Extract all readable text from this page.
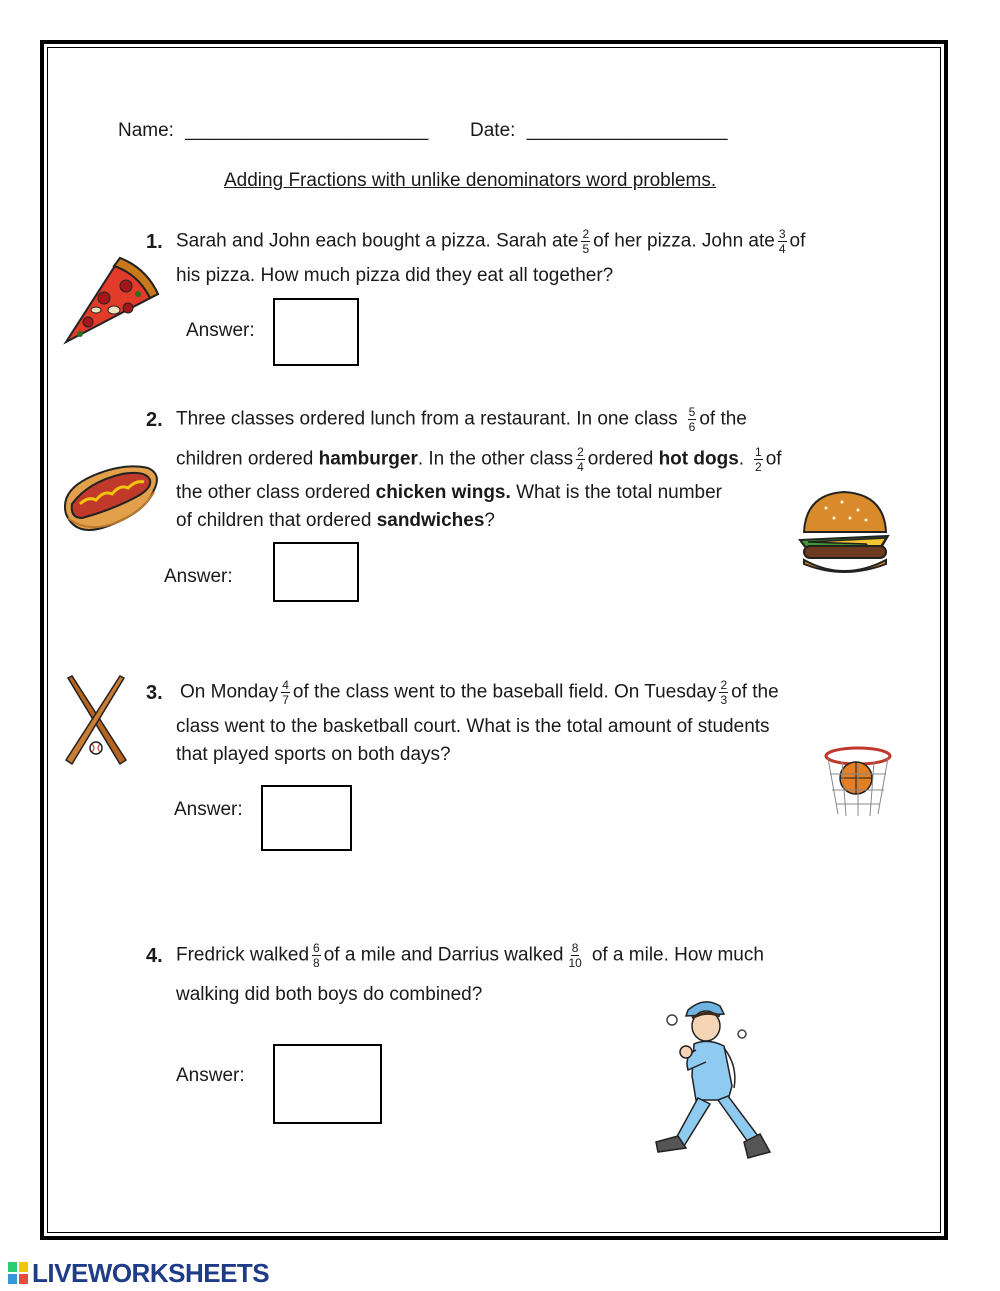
Name: _______________________ Date: ___________________
Adding Fractions with unlike denominators word problems.
1. Sarah and John each bought a pizza. Sarah ate $\frac{2}{5}$ of her pizza. John ate $\frac{3}{4}$ of
his pizza. How much pizza did they eat all together?
Answer:
2. Three classes ordered lunch from a restaurant. In one class $\frac{5}{6}$ of the
children ordered hamburger. In the other class $\frac{2}{4}$ ordered hot dogs. $\frac{1}{2}$ of
the other class ordered chicken wings. What is the total number
of children that ordered sandwiches?
Answer:
3. On Monday $\frac{4}{7}$ of the class went to the baseball field. On Tuesday $\frac{2}{3}$ of the
class went to the basketball court. What is the total amount of students
that played sports on both days?
Answer:
4. Fredrick walked $\frac{6}{8}$ of a mile and Darrius walked $\frac{8}{10}$ of a mile. How much
walking did both boys do combined?
Answer:
LIVEWORKSHEETS
